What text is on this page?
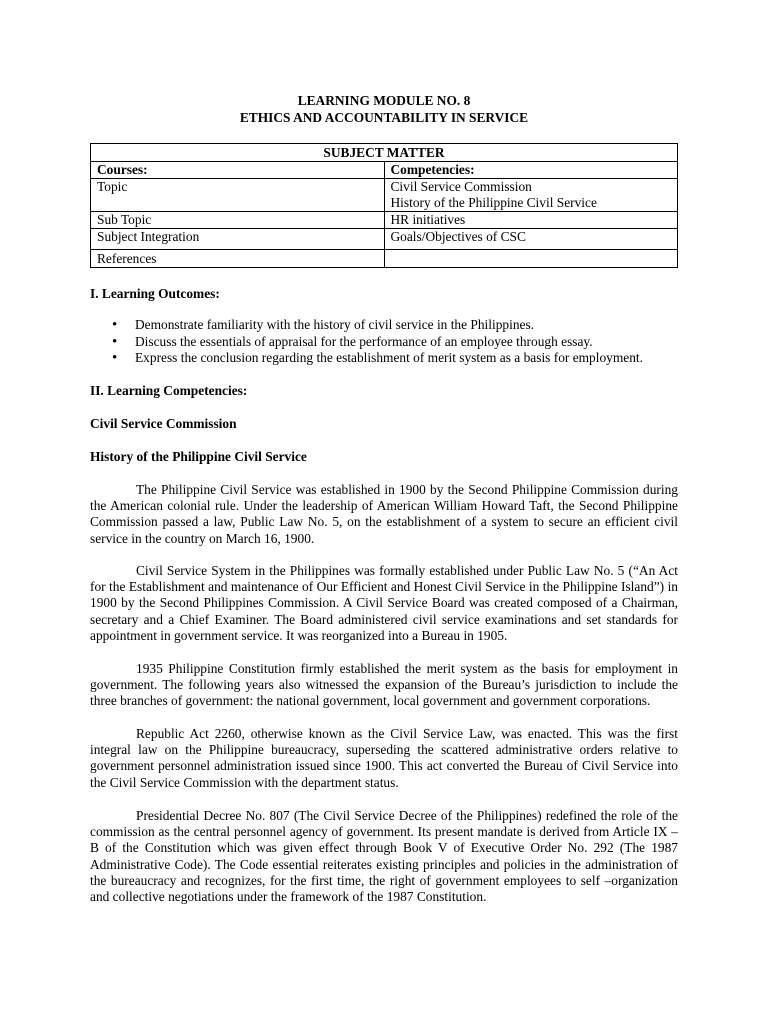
LEARNING MODULE NO. 8
ETHICS AND ACCOUNTABILITY IN SERVICE
SUBJECT MATTER	
Courses:	Competencies:
Topic	Civil Service Commission
History of the Philippine Civil Service

Sub Topic	HR initiatives
Subject Integration	Goals/Objectives of CSC
References	
I. Learning Outcomes:
• Demonstrate familiarity with the history of civil service in the Philippines.
• Discuss the essentials of appraisal for the performance of an employee through essay.
• Express the conclusion regarding the establishment of merit system as a basis for employment.
II. Learning Competencies:
Civil Service Commission
History of the Philippine Civil Service

The Philippine Civil Service was established in 1900 by the Second Philippine Commission during the American colonial rule. Under the leadership of American William Howard Taft, the Second Philippine Commission passed a law, Public Law No. 5, on the establishment of a system to secure an efficient civil service in the country on March 16, 1900.

Civil Service System in the Philippines was formally established under Public Law No. 5 (“An Act for the Establishment and maintenance of Our Efficient and Honest Civil Service in the Philippine Island”) in 1900 by the Second Philippines Commission. A Civil Service Board was created composed of a Chairman, secretary and a Chief Examiner. The Board administered civil service examinations and set standards for appointment in government service. It was reorganized into a Bureau in 1905.

1935 Philippine Constitution firmly established the merit system as the basis for employment in government. The following years also witnessed the expansion of the Bureau’s jurisdiction to include the three branches of government: the national government, local government and government corporations.

Republic Act 2260, otherwise known as the Civil Service Law, was enacted. This was the first integral law on the Philippine bureaucracy, superseding the scattered administrative orders relative to government personnel administration issued since 1900. This act converted the Bureau of Civil Service into the Civil Service Commission with the department status.

Presidential Decree No. 807 (The Civil Service Decree of the Philippines) redefined the role of the commission as the central personnel agency of government. Its present mandate is derived from Article IX –B of the Constitution which was given effect through Book V of Executive Order No. 292 (The 1987 Administrative Code). The Code essential reiterates existing principles and policies in the administration of the bureaucracy and recognizes, for the first time, the right of government employees to self –organization and collective negotiations under the framework of the 1987 Constitution.
